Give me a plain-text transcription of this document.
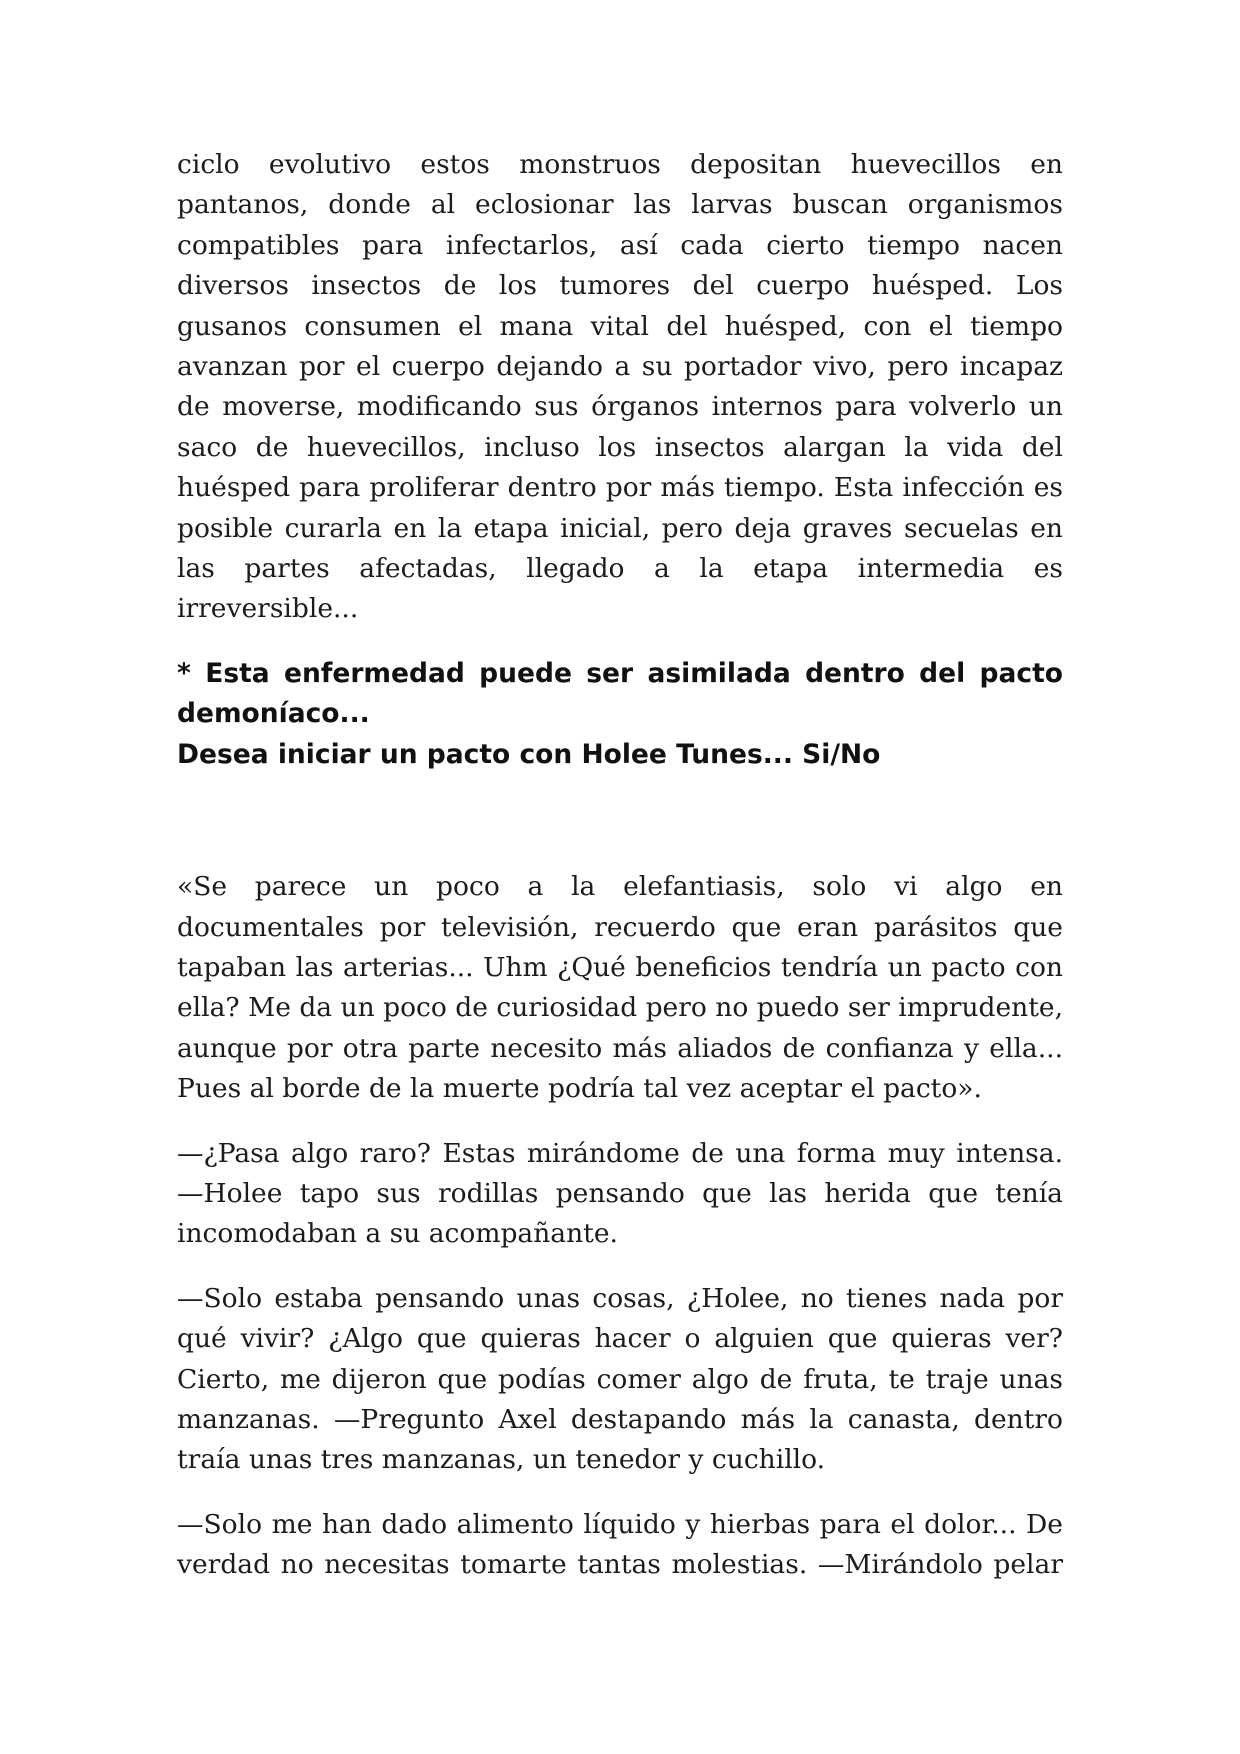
ciclo evolutivo estos monstruos depositan huevecillos en pantanos, donde al eclosionar las larvas buscan organismos compatibles para infectarlos, así cada cierto tiempo nacen diversos insectos de los tumores del cuerpo huésped. Los gusanos consumen el mana vital del huésped, con el tiempo avanzan por el cuerpo dejando a su portador vivo, pero incapaz de moverse, modificando sus órganos internos para volverlo un saco de huevecillos, incluso los insectos alargan la vida del huésped para proliferar dentro por más tiempo. Esta infección es posible curarla en la etapa inicial, pero deja graves secuelas en las partes afectadas, llegado a la etapa intermedia es irreversible...

* Esta enfermedad puede ser asimilada dentro del pacto demoníaco...

Desea iniciar un pacto con Holee Tunes... Si/No

«Se parece un poco a la elefantiasis, solo vi algo en documentales por televisión, recuerdo que eran parásitos que tapaban las arterias... Uhm ¿Qué beneficios tendría un pacto con ella? Me da un poco de curiosidad pero no puedo ser imprudente, aunque por otra parte necesito más aliados de confianza y ella... Pues al borde de la muerte podría tal vez aceptar el pacto».

—¿Pasa algo raro? Estas mirándome de una forma muy intensa. —Holee tapo sus rodillas pensando que las herida que tenía incomodaban a su acompañante.

—Solo estaba pensando unas cosas, ¿Holee, no tienes nada por qué vivir? ¿Algo que quieras hacer o alguien que quieras ver? Cierto, me dijeron que podías comer algo de fruta, te traje unas manzanas. —Pregunto Axel destapando más la canasta, dentro traía unas tres manzanas, un tenedor y cuchillo.

—Solo me han dado alimento líquido y hierbas para el dolor... De verdad no necesitas tomarte tantas molestias. —Mirándolo pelar
